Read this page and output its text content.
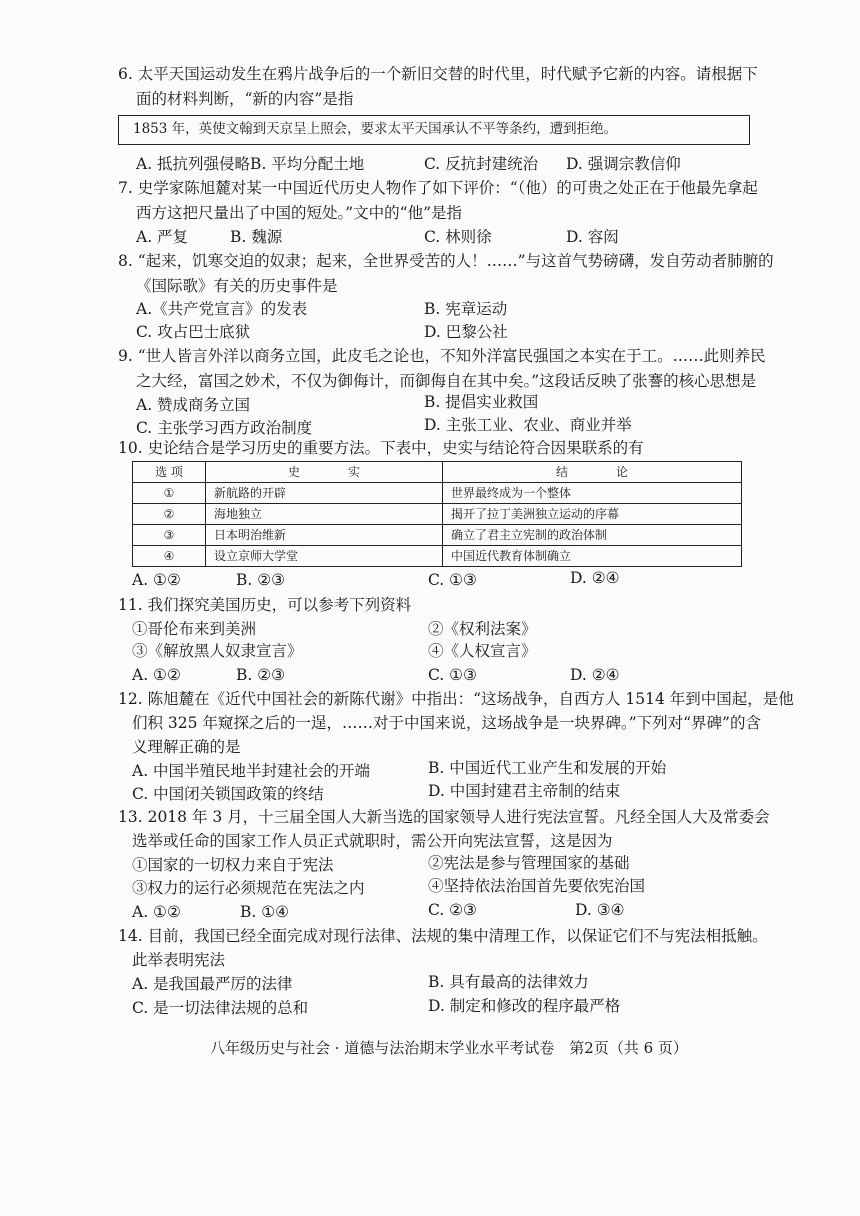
6. 太平天国运动发生在鸦片战争后的一个新旧交替的时代里，时代赋予它新的内容。请根据下
面的材料判断，“新的内容”是指
1853 年，英使文翰到天京呈上照会，要求太平天国承认不平等条约，遭到拒绝。
A. 抵抗列强侵略B. 平均分配土地	C. 反抗封建统治 D. 强调宗教信仰
7. 史学家陈旭麓对某一中国近代历史人物作了如下评价：“（他）的可贵之处正在于他最先拿起
西方这把尺量出了中国的短处。”文中的“他”是指
A. 严复	B. 魏源	C. 林则徐	D. 容闳
8. “起来，饥寒交迫的奴隶；起来，全世界受苦的人！……”与这首气势磅礴，发自劳动者肺腑的
《国际歌》有关的历史事件是
A.《共产党宣言》的发表	B. 宪章运动
C. 攻占巴士底狱	D. 巴黎公社
9. “世人皆言外洋以商务立国，此皮毛之论也，不知外洋富民强国之本实在于工。……此则养民
之大经，富国之妙术，不仅为御侮计，而御侮自在其中矣。”这段话反映了张謇的核心思想是
A. 赞成商务立国	B. 提倡实业救国
C. 主张学习西方政治制度	D. 主张工业、农业、商业并举
10. 史论结合是学习历史的重要方法。下表中，史实与结论符合因果联系的有
选 项	史　　　　实	结　　　　论
①	新航路的开辟	世界最终成为一个整体
②	海地独立	揭开了拉丁美洲独立运动的序幕
③	日本明治维新	确立了君主立宪制的政治体制
④	设立京师大学堂	中国近代教育体制确立
A. ①②	B. ②③	C. ①③	D. ②④
11. 我们探究美国历史，可以参考下列资料
①哥伦布来到美洲	②《权利法案》
③《解放黑人奴隶宣言》	④《人权宣言》
A. ①②	B. ②③	C. ①③	D. ②④
12. 陈旭麓在《近代中国社会的新陈代谢》中指出：“这场战争，自西方人 1514 年到中国起，是他
们积 325 年窥探之后的一逞，……对于中国来说，这场战争是一块界碑。”下列对“界碑”的含
义理解正确的是
A. 中国半殖民地半封建社会的开端	B. 中国近代工业产生和发展的开始
C. 中国闭关锁国政策的终结	D. 中国封建君主帝制的结束
13. 2018 年 3 月，十三届全国人大新当选的国家领导人进行宪法宣誓。凡经全国人大及常委会
选举或任命的国家工作人员正式就职时，需公开向宪法宣誓，这是因为
①国家的一切权力来自于宪法	②宪法是参与管理国家的基础
③权力的运行必须规范在宪法之内	④坚持依法治国首先要依宪治国
A. ①②	B. ①④	C. ②③	D. ③④
14. 目前，我国已经全面完成对现行法律、法规的集中清理工作，以保证它们不与宪法相抵触。
此举表明宪法
A. 是我国最严厉的法律	B. 具有最高的法律效力
C. 是一切法律法规的总和	D. 制定和修改的程序最严格
八年级历史与社会 · 道德与法治期末学业水平考试卷　第2页（共 6 页）
